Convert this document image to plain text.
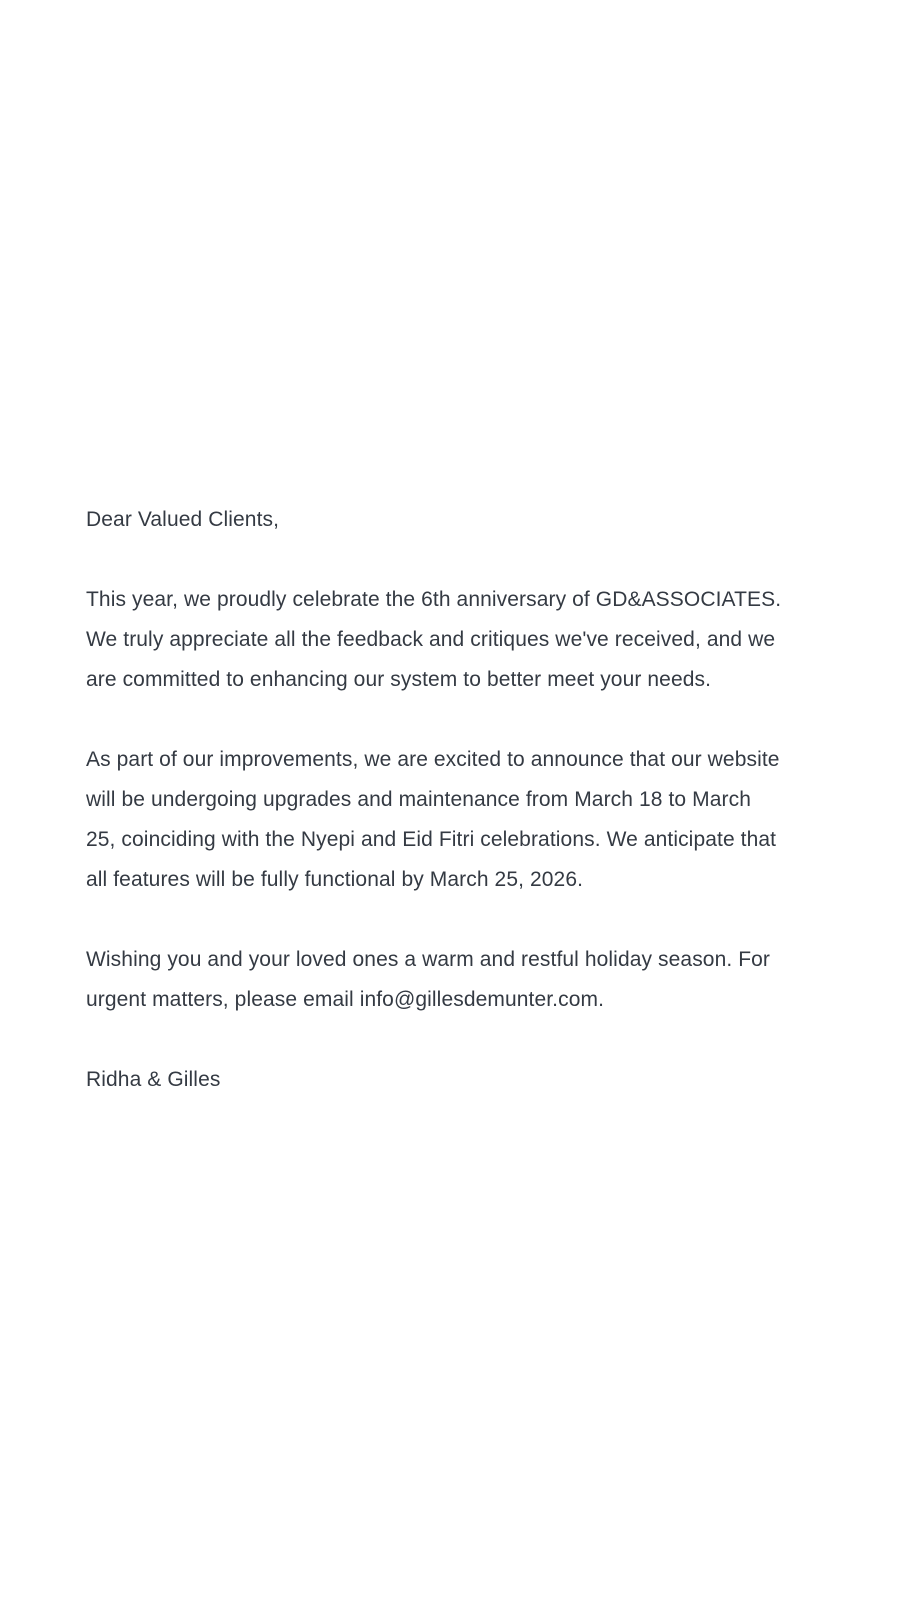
Dear Valued Clients,

This year, we proudly celebrate the 6th anniversary of GD&ASSOCIATES.
We truly appreciate all the feedback and critiques we've received, and we
are committed to enhancing our system to better meet your needs.

As part of our improvements, we are excited to announce that our website
will be undergoing upgrades and maintenance from March 18 to March
25, coinciding with the Nyepi and Eid Fitri celebrations. We anticipate that
all features will be fully functional by March 25, 2026.

Wishing you and your loved ones a warm and restful holiday season. For
urgent matters, please email info@gillesdemunter.com.

Ridha & Gilles
